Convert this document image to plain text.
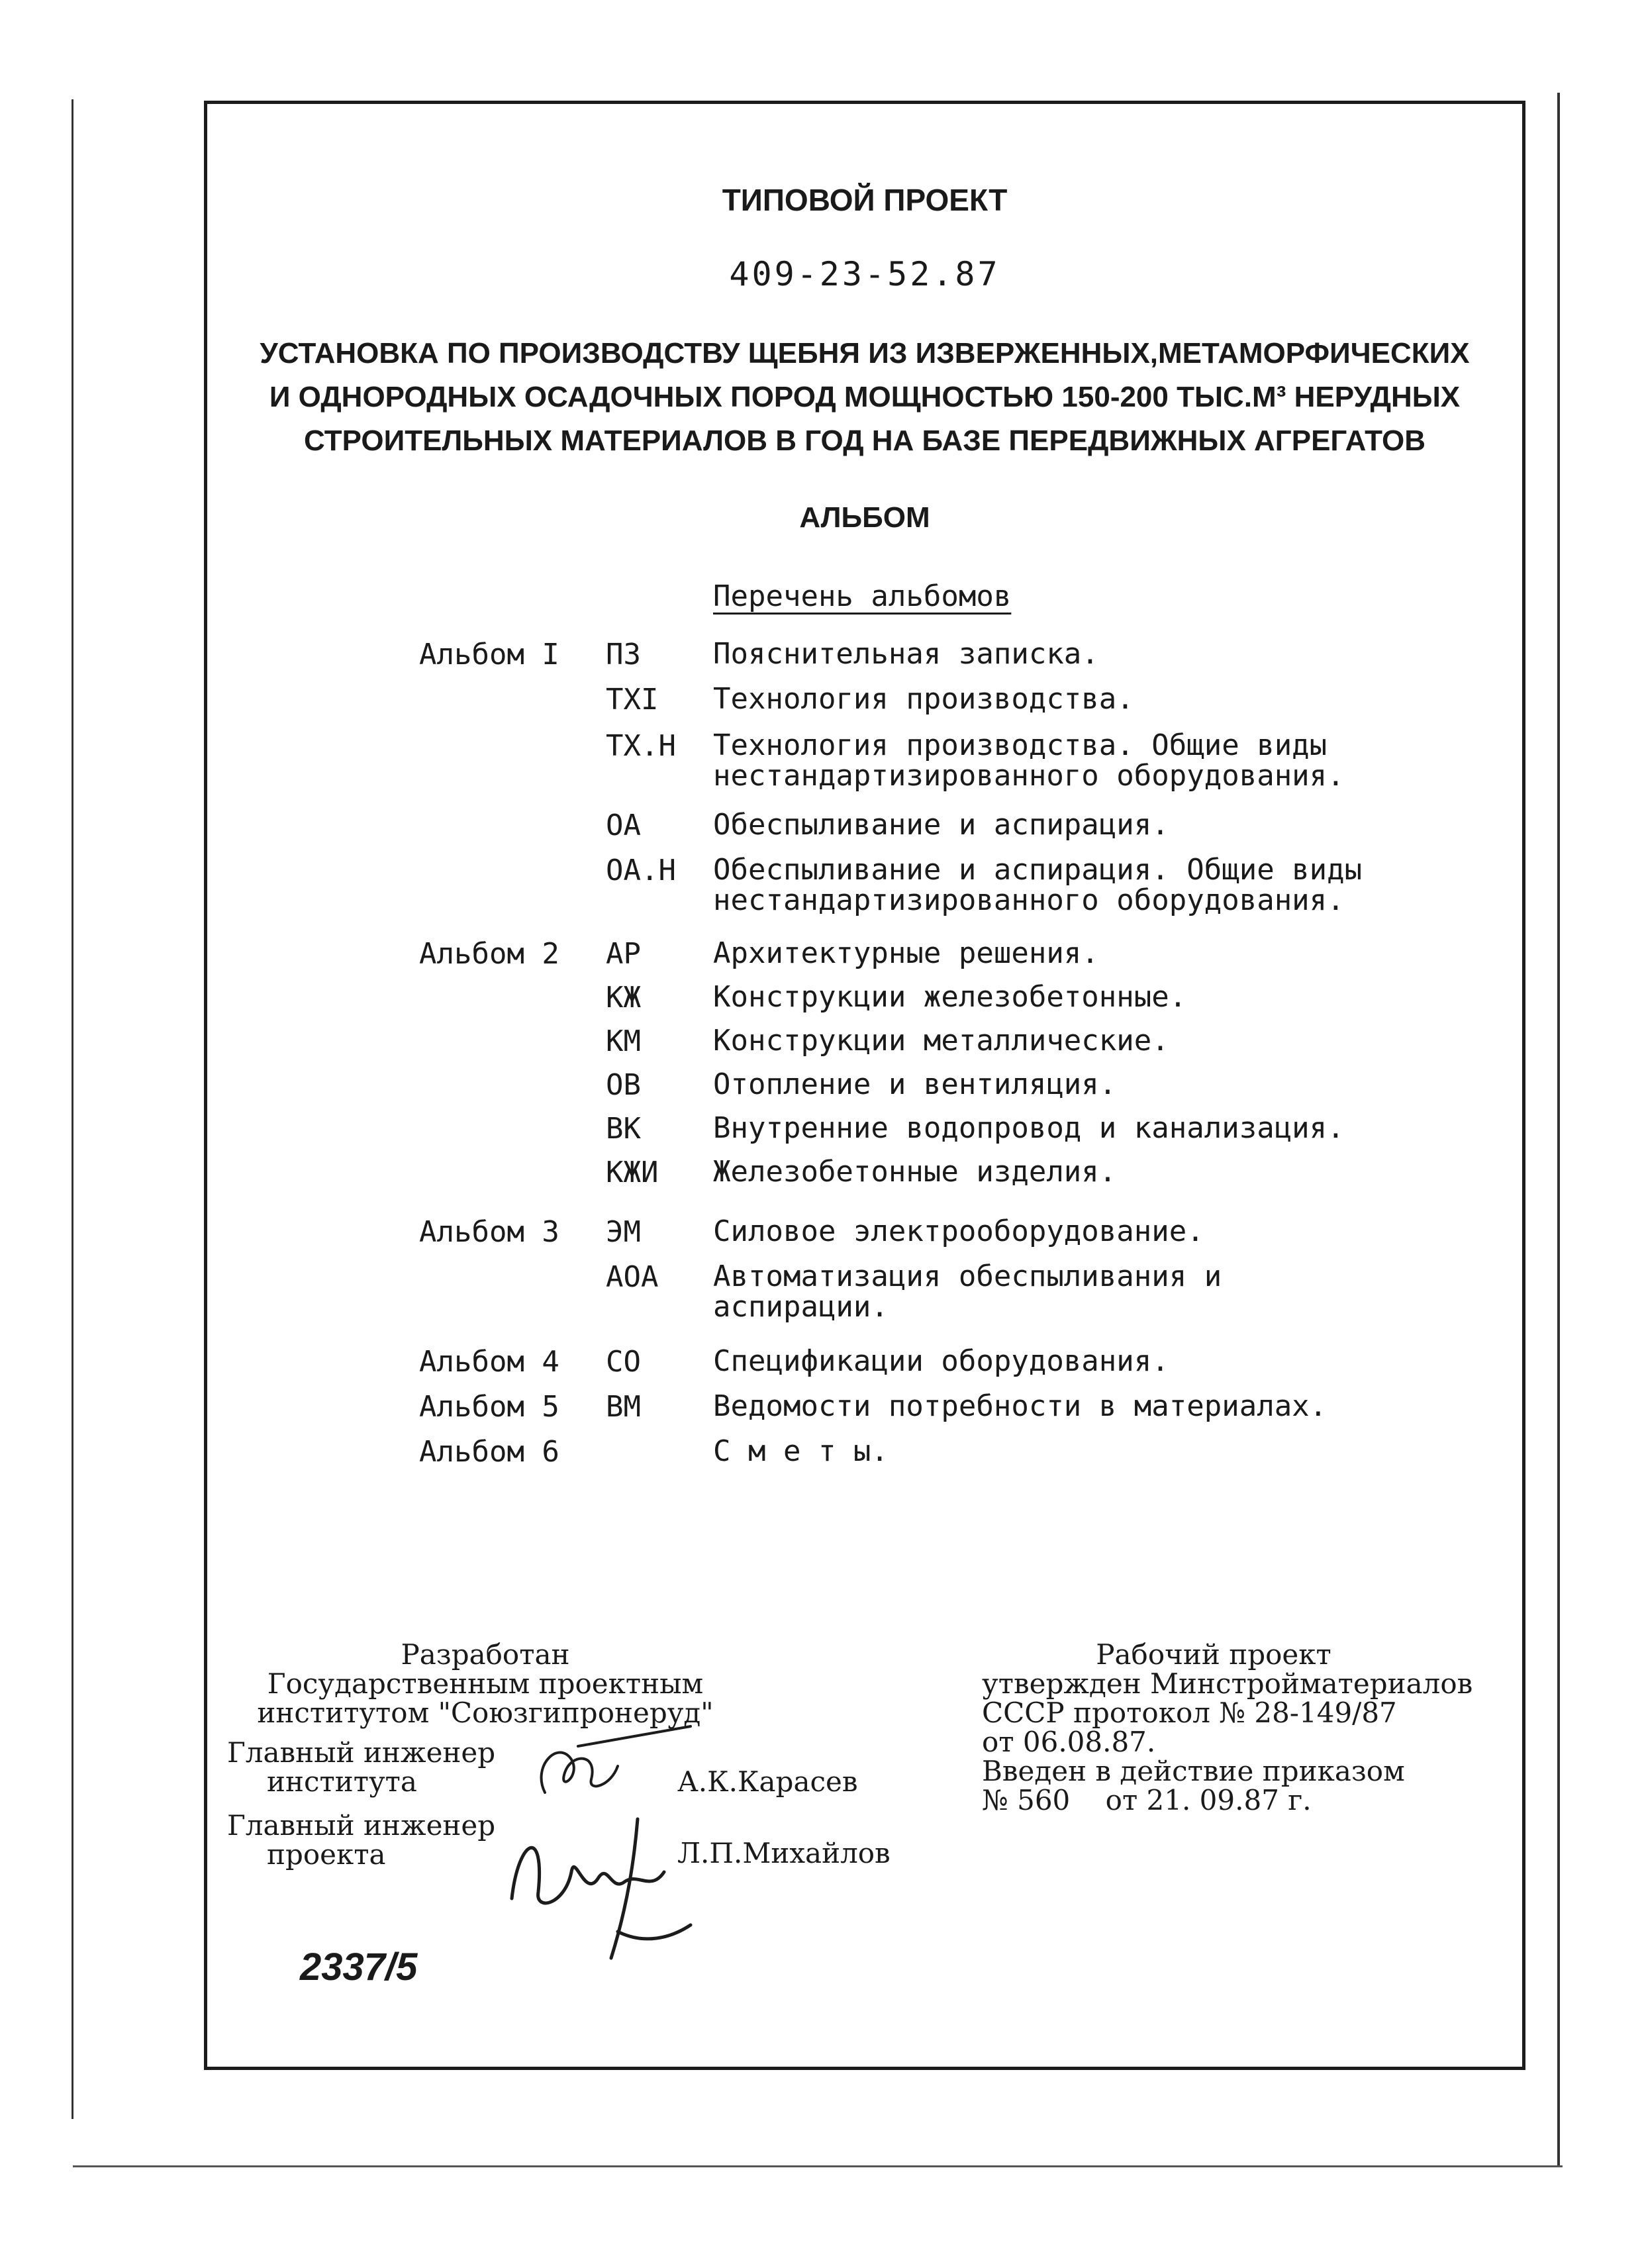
ТИПОВОЙ ПРОЕКТ
409-23-52.87
УСТАНОВКА ПО ПРОИЗВОДСТВУ ЩЕБНЯ ИЗ ИЗВЕРЖЕННЫХ,МЕТАМОРФИЧЕСКИХ
И ОДНОРОДНЫХ ОСАДОЧНЫХ ПОРОД МОЩНОСТЬЮ 150-200 ТЫС.М³ НЕРУДНЫХ
СТРОИТЕЛЬНЫХ МАТЕРИАЛОВ В ГОД НА БАЗЕ ПЕРЕДВИЖНЫХ АГРЕГАТОВ
АЛЬБОМ
Перечень альбомов
Альбом I ПЗ Пояснительная записка.
ТХI Технология производства.
ТХ.Н Технология производства. Общие виды
нестандартизированного оборудования.
ОА Обеспыливание и аспирация.
ОА.Н Обеспыливание и аспирация. Общие виды
нестандартизированного оборудования.
Альбом 2 АР Архитектурные решения.
КЖ Конструкции железобетонные.
КМ Конструкции металлические.
ОВ Отопление и вентиляция.
ВК Внутренние водопровод и канализация.
КЖИ Железобетонные изделия.
Альбом 3 ЭМ Силовое электрооборудование.
АОА Автоматизация обеспыливания и
аспирации.
Альбом 4 СО Спецификации оборудования.
Альбом 5 ВМ Ведомости потребности в материалах.
Альбом 6	С м е т ы.
Разработан
Государственным проектным
институтом "Союзгипронеруд"
Главный инженер
института	А.К.Карасев
Главный инженер
проекта	Л.П.Михайлов
2337/5
Рабочий проект
утвержден Минстройматериалов
СССР протокол № 28-149/87
от 06.08.87.
Введен в действие приказом
№ 560    от 21. 09.87 г.
